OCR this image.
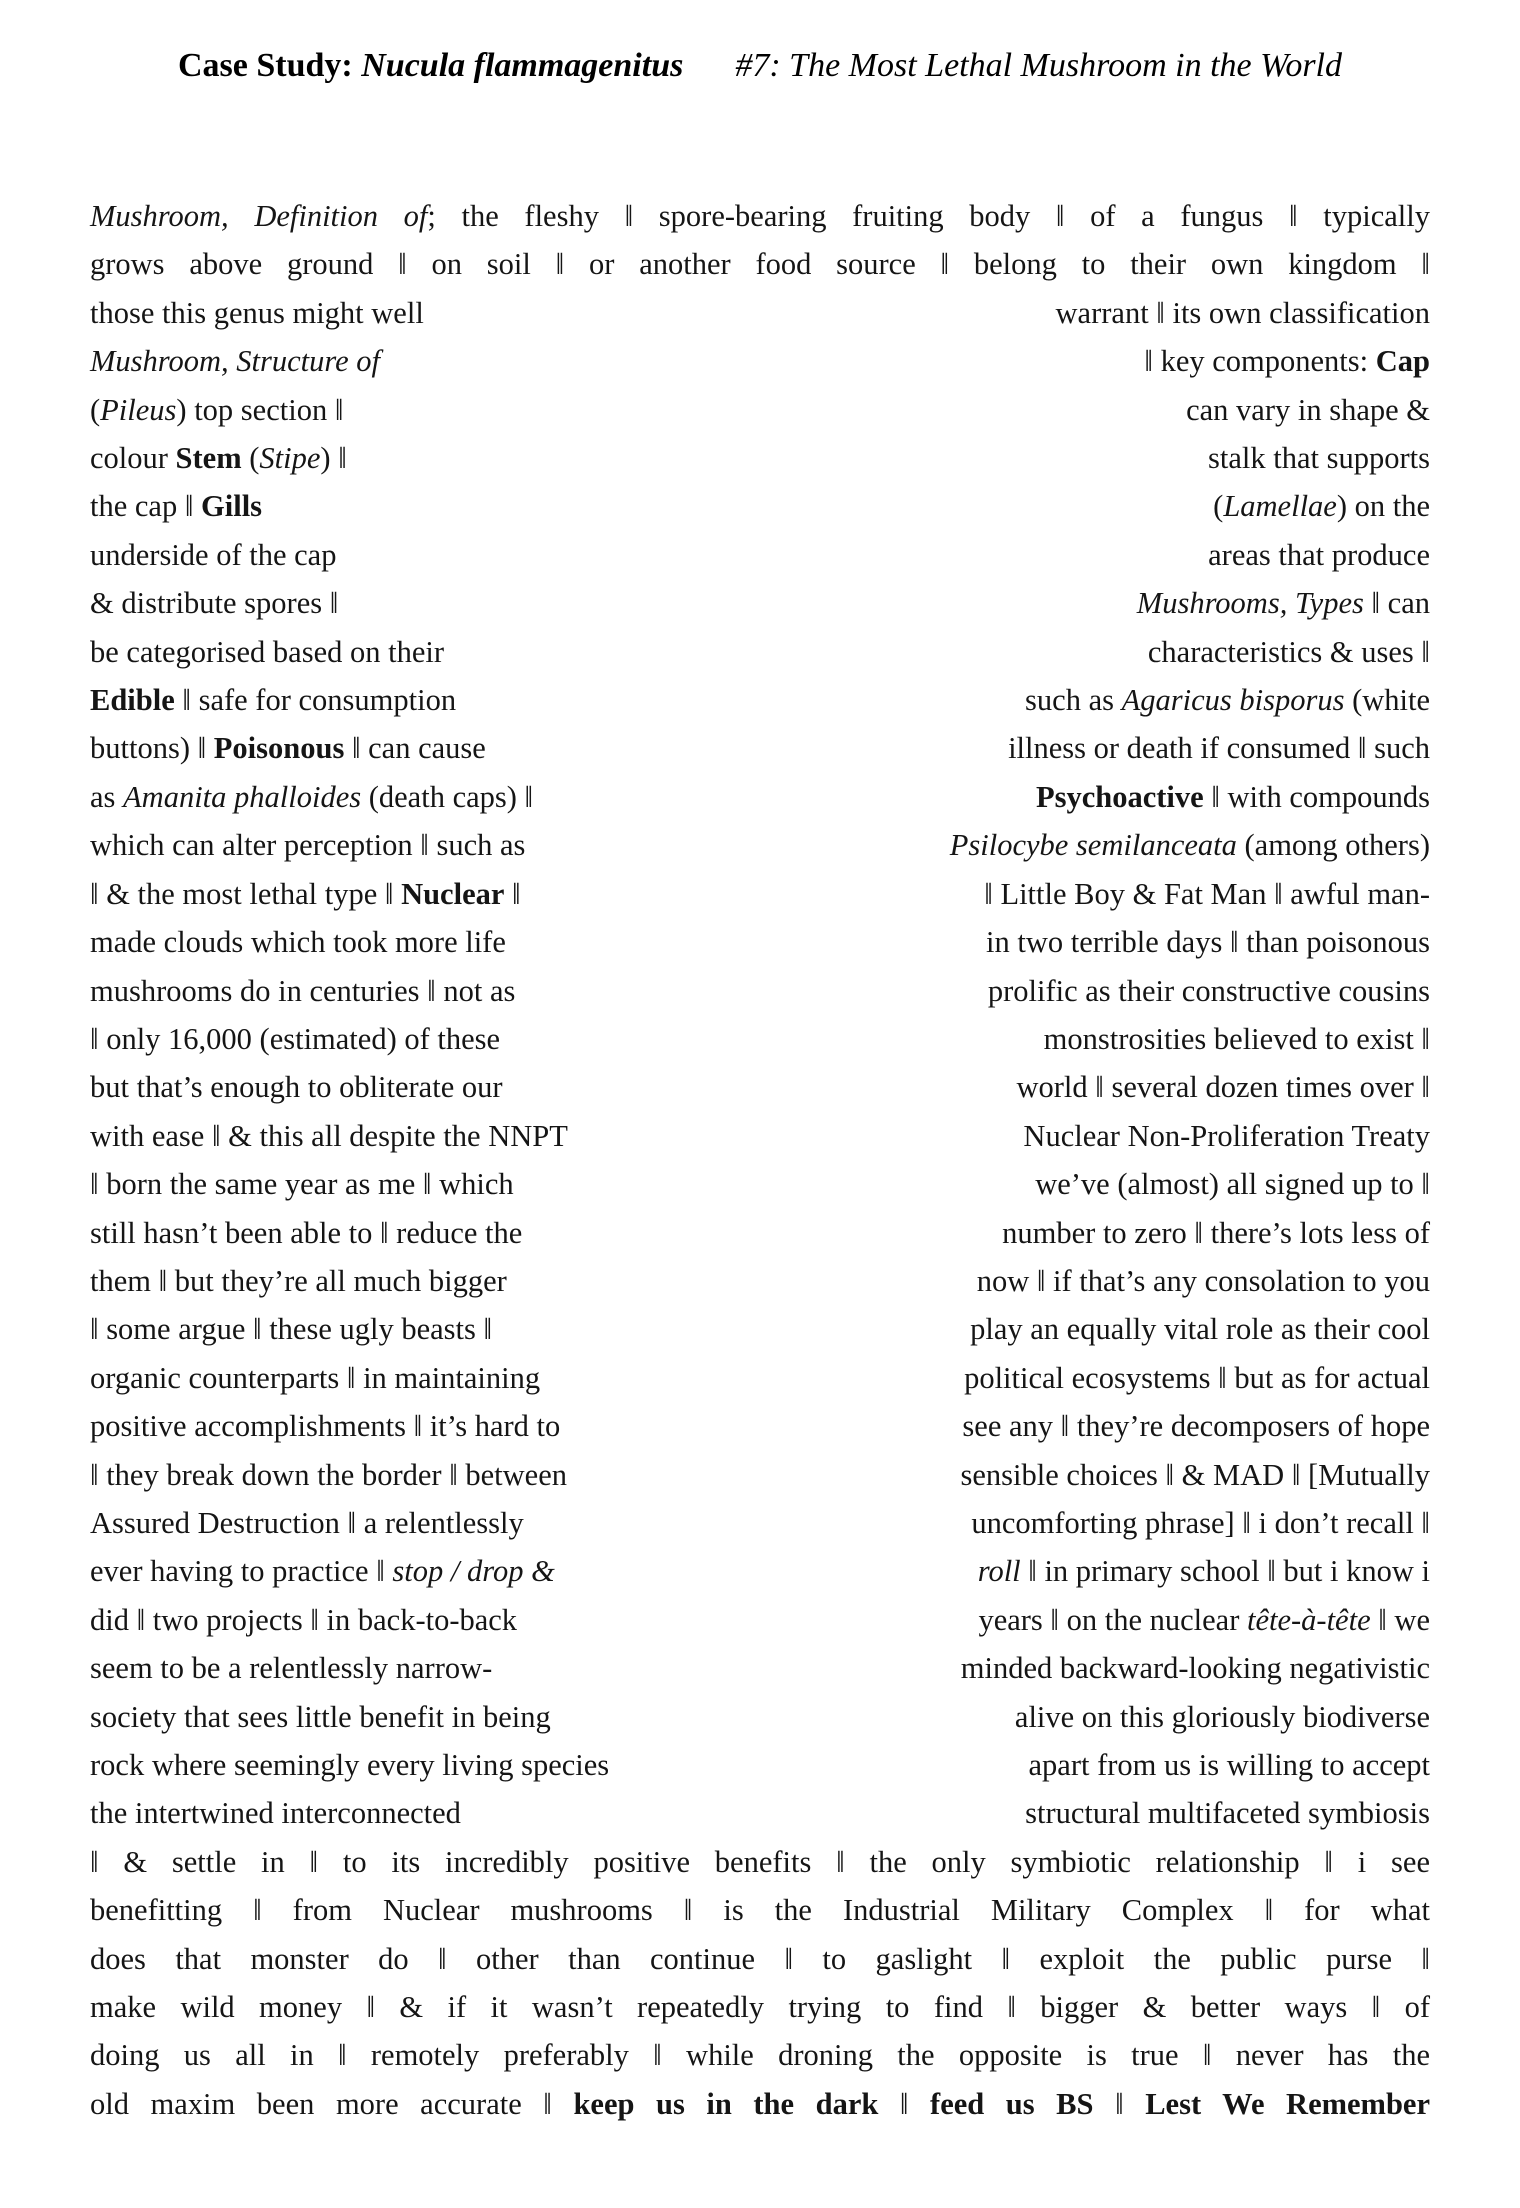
Case Study: Nucula flammagenitus #7: The Most Lethal Mushroom in the World
Mushroom, Definition of; the fleshy ‖ spore-bearing fruiting body ‖ of a fungus ‖ typically
grows above ground ‖ on soil ‖ or another food source ‖ belong to their own kingdom ‖
those this genus might well	warrant ‖ its own classification
Mushroom, Structure of	‖ key components: Cap
(Pileus) top section ‖	can vary in shape &
colour Stem (Stipe) ‖	stalk that supports
the cap ‖ Gills	(Lamellae) on the
underside of the cap	areas that produce
& distribute spores ‖	Mushrooms, Types ‖ can
be categorised based on their	characteristics & uses ‖
Edible ‖ safe for consumption	such as Agaricus bisporus (white
buttons) ‖ Poisonous ‖ can cause	illness or death if consumed ‖ such
as Amanita phalloides (death caps) ‖	Psychoactive ‖ with compounds
which can alter perception ‖ such as	Psilocybe semilanceata (among others)
‖ & the most lethal type ‖ Nuclear ‖	‖ Little Boy & Fat Man ‖ awful man-
made clouds which took more life	in two terrible days ‖ than poisonous
mushrooms do in centuries ‖ not as	prolific as their constructive cousins
‖ only 16,000 (estimated) of these	monstrosities believed to exist ‖
but that’s enough to obliterate our	world ‖ several dozen times over ‖
with ease ‖ & this all despite the NNPT	Nuclear Non-Proliferation Treaty
‖ born the same year as me ‖ which	we’ve (almost) all signed up to ‖
still hasn’t been able to ‖ reduce the	number to zero ‖ there’s lots less of
them ‖ but they’re all much bigger	now ‖ if that’s any consolation to you
‖ some argue ‖ these ugly beasts ‖	play an equally vital role as their cool
organic counterparts ‖ in maintaining	political ecosystems ‖ but as for actual
positive accomplishments ‖ it’s hard to	see any ‖ they’re decomposers of hope
‖ they break down the border ‖ between	sensible choices ‖ & MAD ‖ [Mutually
Assured Destruction ‖ a relentlessly	uncomforting phrase] ‖ i don’t recall ‖
ever having to practice ‖ stop / drop &	roll ‖ in primary school ‖ but i know i
did ‖ two projects ‖ in back-to-back	years ‖ on the nuclear tête-à-tête ‖ we
seem to be a relentlessly narrow-	minded backward-looking negativistic
society that sees little benefit in being	alive on this gloriously biodiverse
rock where seemingly every living species	apart from us is willing to accept
the intertwined interconnected	structural multifaceted symbiosis
‖ & settle in ‖ to its incredibly positive benefits ‖ the only symbiotic relationship ‖ i see
benefitting ‖ from Nuclear mushrooms ‖ is the Industrial Military Complex ‖ for what
does that monster do ‖ other than continue ‖ to gaslight ‖ exploit the public purse ‖
make wild money ‖ & if it wasn’t repeatedly trying to find ‖ bigger & better ways ‖ of
doing us all in ‖ remotely preferably ‖ while droning the opposite is true ‖ never has the
old maxim been more accurate ‖ keep us in the dark ‖ feed us BS ‖ Lest We Remember
